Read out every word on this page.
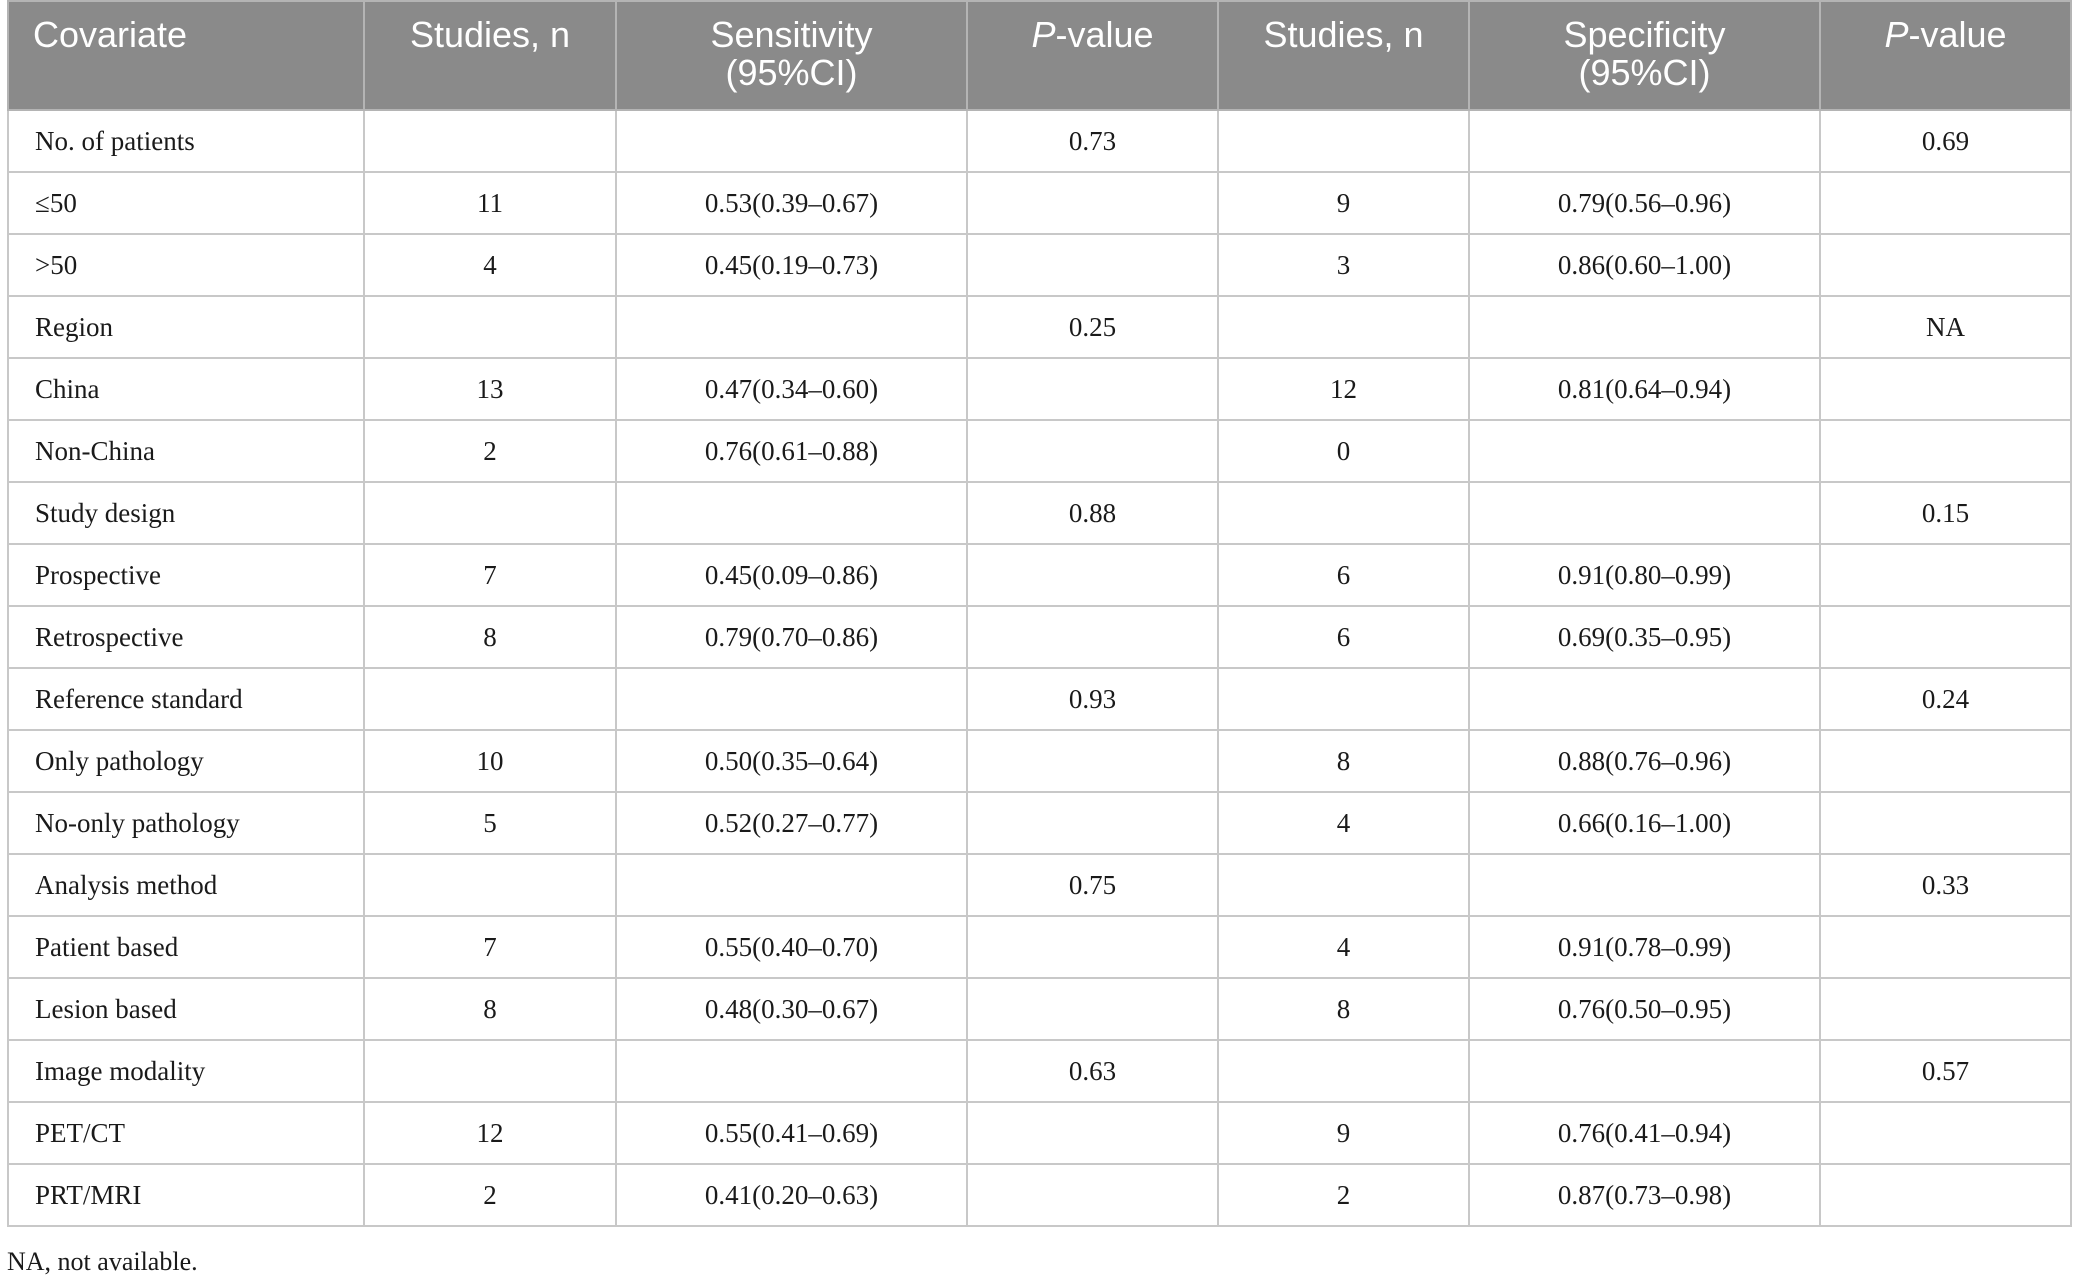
Covariate	Studies, n	Sensitivity
(95%CI)	P-value	Studies, n	Specificity
(95%CI)	P-value
No. of patients			0.73			0.69
≤50	11	0.53(0.39–0.67)		9	0.79(0.56–0.96)	
>50	4	0.45(0.19–0.73)		3	0.86(0.60–1.00)	
Region			0.25			NA
China	13	0.47(0.34–0.60)		12	0.81(0.64–0.94)	
Non-China	2	0.76(0.61–0.88)		0		
Study design			0.88			0.15
Prospective	7	0.45(0.09–0.86)		6	0.91(0.80–0.99)	
Retrospective	8	0.79(0.70–0.86)		6	0.69(0.35–0.95)	
Reference standard			0.93			0.24
Only pathology	10	0.50(0.35–0.64)		8	0.88(0.76–0.96)	
No-only pathology	5	0.52(0.27–0.77)		4	0.66(0.16–1.00)	
Analysis method			0.75			0.33
Patient based	7	0.55(0.40–0.70)		4	0.91(0.78–0.99)	
Lesion based	8	0.48(0.30–0.67)		8	0.76(0.50–0.95)	
Image modality			0.63			0.57
PET/CT	12	0.55(0.41–0.69)		9	0.76(0.41–0.94)	
PRT/MRI	2	0.41(0.20–0.63)		2	0.87(0.73–0.98)	
NA, not available.
